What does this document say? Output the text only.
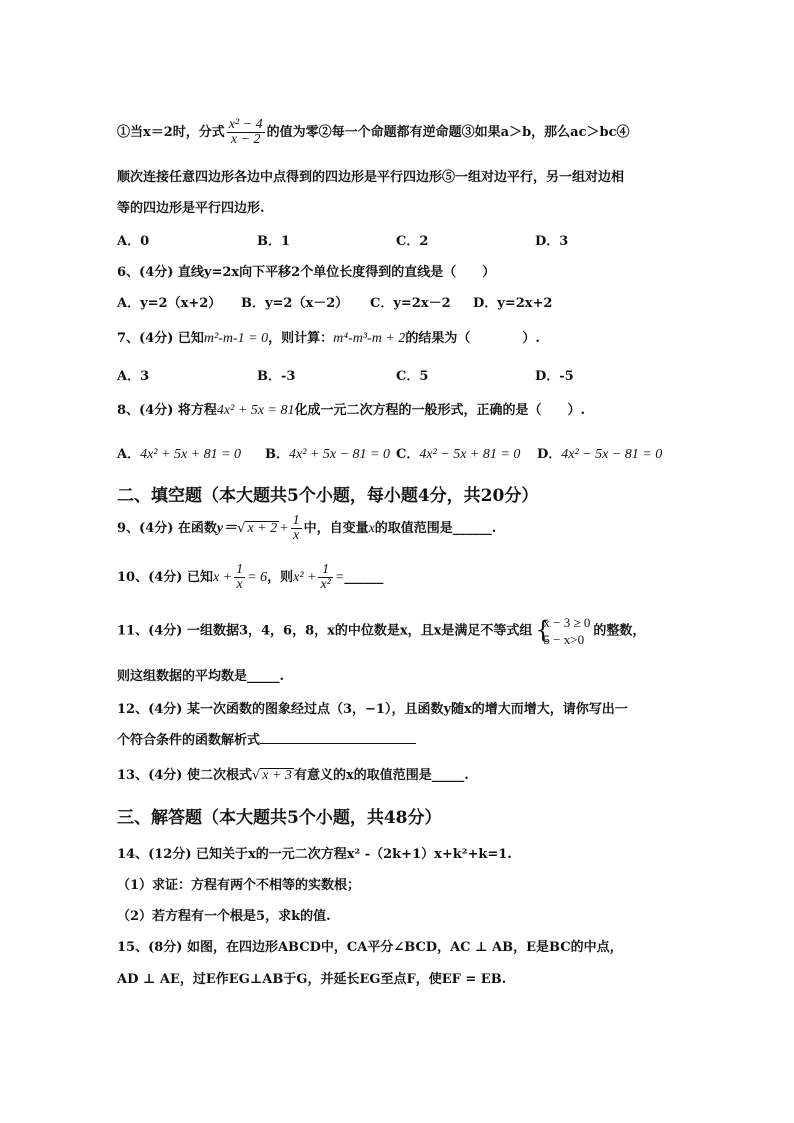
①当x＝2时，分式 $\frac{\text{x² − 4}}{x - 2}$ 的值为零②每一个命题都有逆命题③如果a＞b，那么ac＞bc④
顺次连接任意四边形各边中点得到的四边形是平行四边形⑤一组对边平行，另一组对边相
等的四边形是平行四边形.
A．0	B．1	C．2	D．3
6、(4分) 直线y=2x向下平移2个单位长度得到的直线是（　　）
A．y=2（x+2） B．y=2（x－2） C．y=2x－2 D．y=2x+2
7、(4分) 已知m²-m-1 = 0，则计算：m⁴-m³-m + 2的结果为（　　　　）.
A．3	B．-3	C．5	D．-5
8、(4分) 将方程4x² + 5x = 81化成一元二次方程的一般形式，正确的是（　　）.
A．4x² + 5x + 81 = 0 B．4x² + 5x − 81 = 0 C．4x² − 5x + 81 = 0 D．4x² − 5x − 81 = 0
二、填空题（本大题共5个小题，每小题4分，共20分）
9、(4分) 在函数y＝√ $x + 2 + \frac{1}{x}$ 中，自变量x的取值范围是______.
10、(4分) 已知$x + \frac{1}{x} = 6$，则$x^2 + \frac{1}{\text{x²}}$ =______
11、(4分) 一组数据3，4，6，8，x的中位数是x，且x是满足不等式组 {
x − 3 ≥ 0
5 − x>0
的整数，
则这组数据的平均数是_____.
12、(4分) 某一次函数的图象经过点（3，−1），且函数y随x的增大而增大，请你写出一
个符合条件的函数解析式
13、(4分) 使二次根式√ x + 3 有意义的x的取值范围是_____.
三、解答题（本大题共5个小题，共48分）
14、(12分) 已知关于x的一元二次方程x² -（2k+1）x+k²+k=1.
（1）求证：方程有两个不相等的实数根；
（2）若方程有一个根是5，求k的值.
15、(8分) 如图，在四边形ABCD中，CA平分∠BCD，AC ⊥ AB，E是BC的中点，
AD ⊥ AE，过E作EG⊥AB于G，并延长EG至点F，使EF = EB.
